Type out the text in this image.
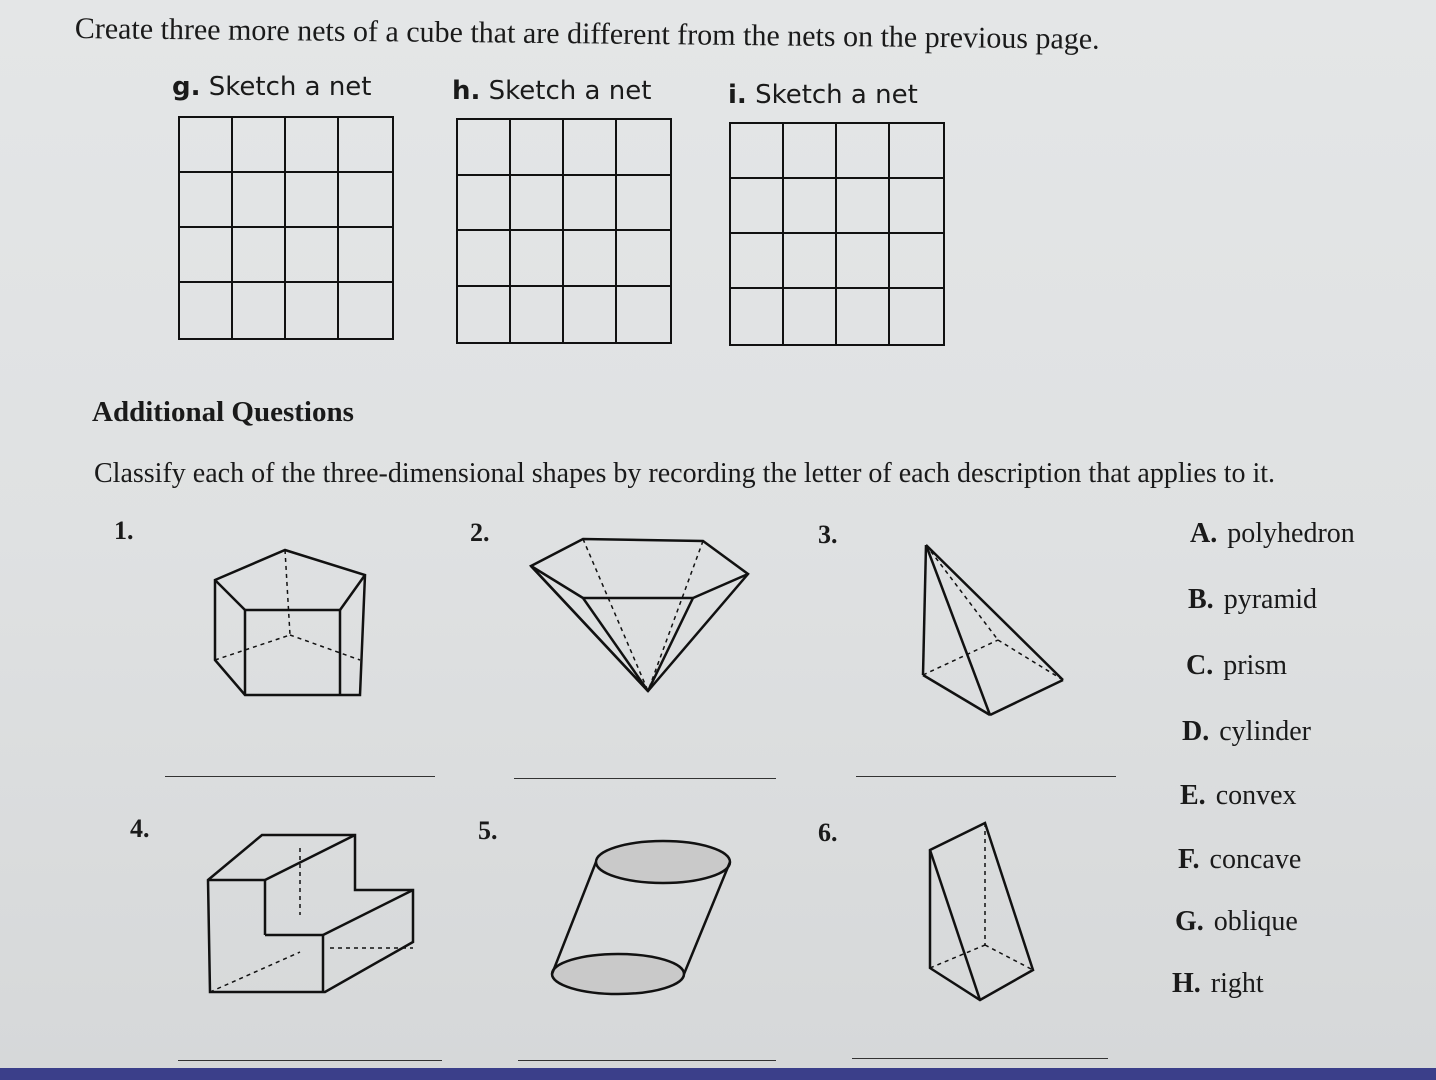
Create three more nets of a cube that are different from the nets on the previous page.
g. Sketch a net	h. Sketch a net	i. Sketch a net
Additional Questions
Classify each of the three-dimensional shapes by recording the letter of each description that applies to it.
1.	2.	3.
4.	5.	6.
A. polyhedron
B. pyramid
C. prism
D. cylinder
E. convex
F. concave
G. oblique
H. right
